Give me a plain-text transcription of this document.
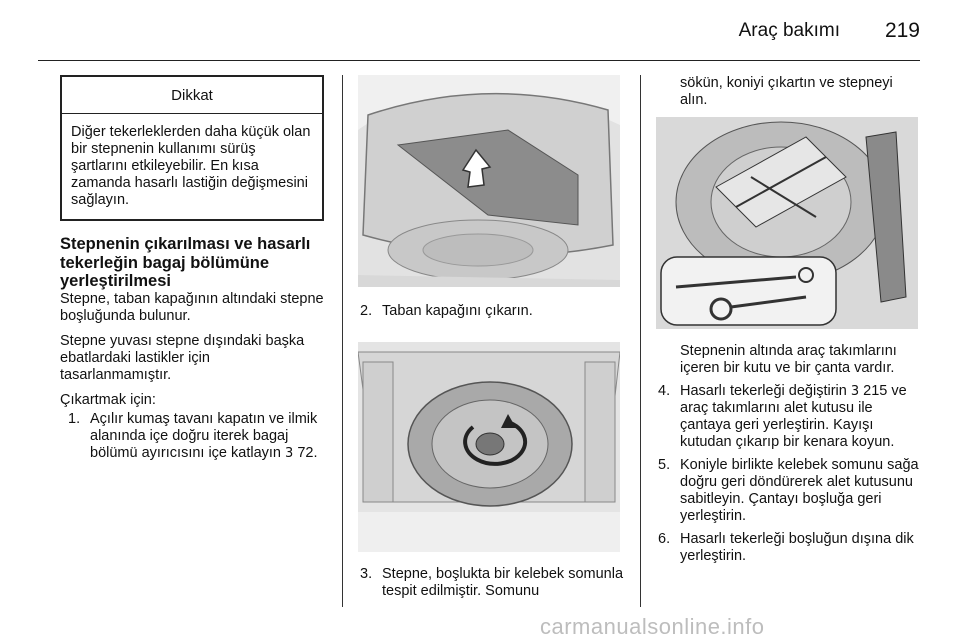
Araç bakımı 219
Dikkat
Diğer tekerleklerden daha küçük olan bir stepnenin kullanımı sürüş şartlarını etkileyebilir. En kısa zamanda hasarlı lastiğin değişmesini sağlayın.
Stepnenin çıkarılması ve hasarlı tekerleğin bagaj bölümüne yerleştirilmesi

Stepne, taban kapağının altındaki stepne boşluğunda bulunur.

Stepne yuvası stepne dışındaki başka ebatlardaki lastikler için tasarlanmamıştır.

Çıkartmak için:

1. Açılır kumaş tavanı kapatın ve ilmik alanında içe doğru iterek bagaj bölümü ayırıcısını içe katlayın 3 72.
2. Taban kapağını çıkarın.
3. Stepne, boşlukta bir kelebek somunla tespit edilmiştir. Somunu
sökün, koniyi çıkartın ve stepneyi alın.
Stepnenin altında araç takımlarını içeren bir kutu ve bir çanta vardır.
4. Hasarlı tekerleği değiştirin 3 215 ve araç takımlarını alet kutusu ile çantaya geri yerleştirin. Kayışı kutudan çıkarıp bir kenara koyun.
5. Koniyle birlikte kelebek somunu sağa doğru geri döndürerek alet kutusunu sabitleyin. Çantayı boşluğa geri yerleştirin.
6. Hasarlı tekerleği boşluğun dışına dik yerleştirin.
carmanualsonline.info
